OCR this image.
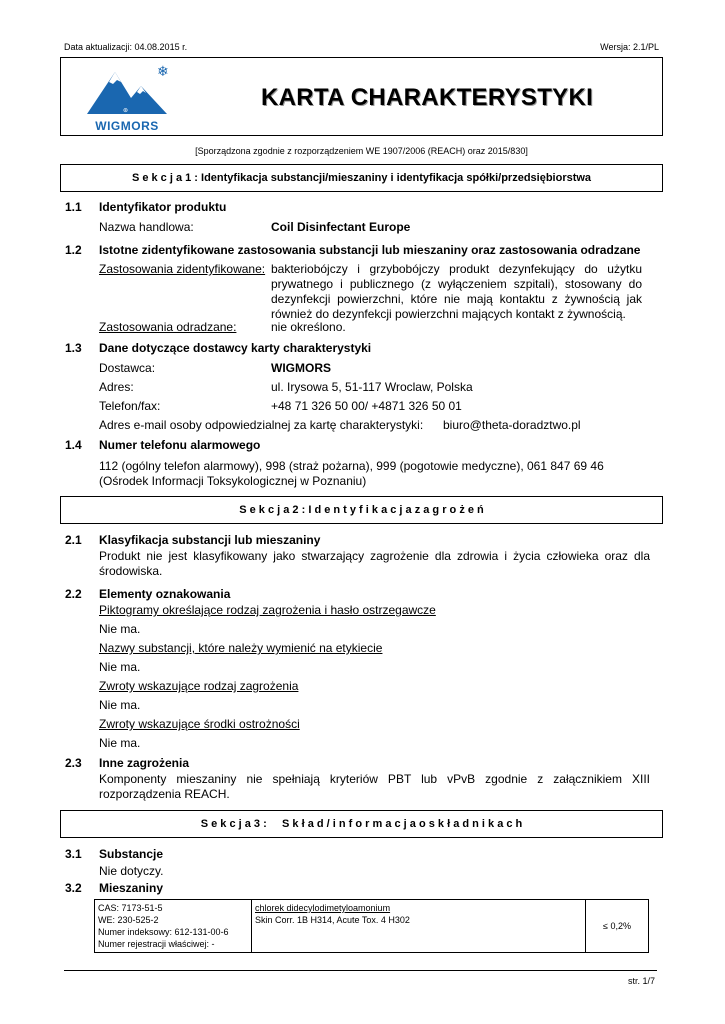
Data aktualizacji: 04.08.2015 r.	Wersja: 2.1/PL
❄
⊛
WIGMORS
KARTA CHARAKTERYSTYKI
[Sporządzona zgodnie z rozporządzeniem WE 1907/2006 (REACH) oraz 2015/830]
S e k c j a 1 : Identyfikacja substancji/mieszaniny i identyfikacja spółki/przedsiębiorstwa
1.1 Identyfikator produktu
Nazwa handlowa:	Coil Disinfectant Europe
1.2 Istotne zidentyfikowane zastosowania substancji lub mieszaniny oraz zastosowania odradzane
Zastosowania zidentyfikowane: bakteriobójczy i grzybobójczy produkt dezynfekujący do użytku prywatnego i publicznego (z wyłączeniem szpitali), stosowany do dezynfekcji powierzchni, które nie mają kontaktu z żywnością jak również do dezynfekcji powierzchni mających kontakt z żywnością.
Zastosowania odradzane:	nie określono.
1.3 Dane dotyczące dostawcy karty charakterystyki
Dostawca:	WIGMORS
Adres:	ul. Irysowa 5, 51-117 Wroclaw, Polska
Telefon/fax:	+48 71 326 50 00/ +4871 326 50 01
Adres e-mail osoby odpowiedzialnej za kartę charakterystyki: biuro@theta-doradztwo.pl
1.4 Numer telefonu alarmowego
112 (ogólny telefon alarmowy), 998 (straż pożarna), 999 (pogotowie medyczne), 061 847 69 46 (Ośrodek Informacji Toksykologicznej w Poznaniu)
S e k c j a 2 : I d e n t y f i k a c j a z a g r o ż e ń
2.1 Klasyfikacja substancji lub mieszaniny
Produkt nie jest klasyfikowany jako stwarzający zagrożenie dla zdrowia i życia człowieka oraz dla środowiska.
2.2 Elementy oznakowania
Piktogramy określające rodzaj zagrożenia i hasło ostrzegawcze
Nie ma.
Nazwy substancji, które należy wymienić na etykiecie
Nie ma.
Zwroty wskazujące rodzaj zagrożenia
Nie ma.
Zwroty wskazujące środki ostrożności
Nie ma.
2.3 Inne zagrożenia
Komponenty mieszaniny nie spełniają kryteriów PBT lub vPvB zgodnie z załącznikiem XIII rozporządzenia REACH.
S e k c j a 3 :     S k ł a d / i n f o r m a c j a o s k ł a d n i k a c h
3.1 Substancje
Nie dotyczy.
3.2 Mieszaniny
CAS: 7173-51-5
WE: 230-525-2
Numer indeksowy: 612-131-00-6
Numer rejestracji właściwej: -

chlorek didecylodimetyloamonium
Skin Corr. 1B H314, Acute Tox. 4 H302
	≤ 0,2%
str. 1/7
